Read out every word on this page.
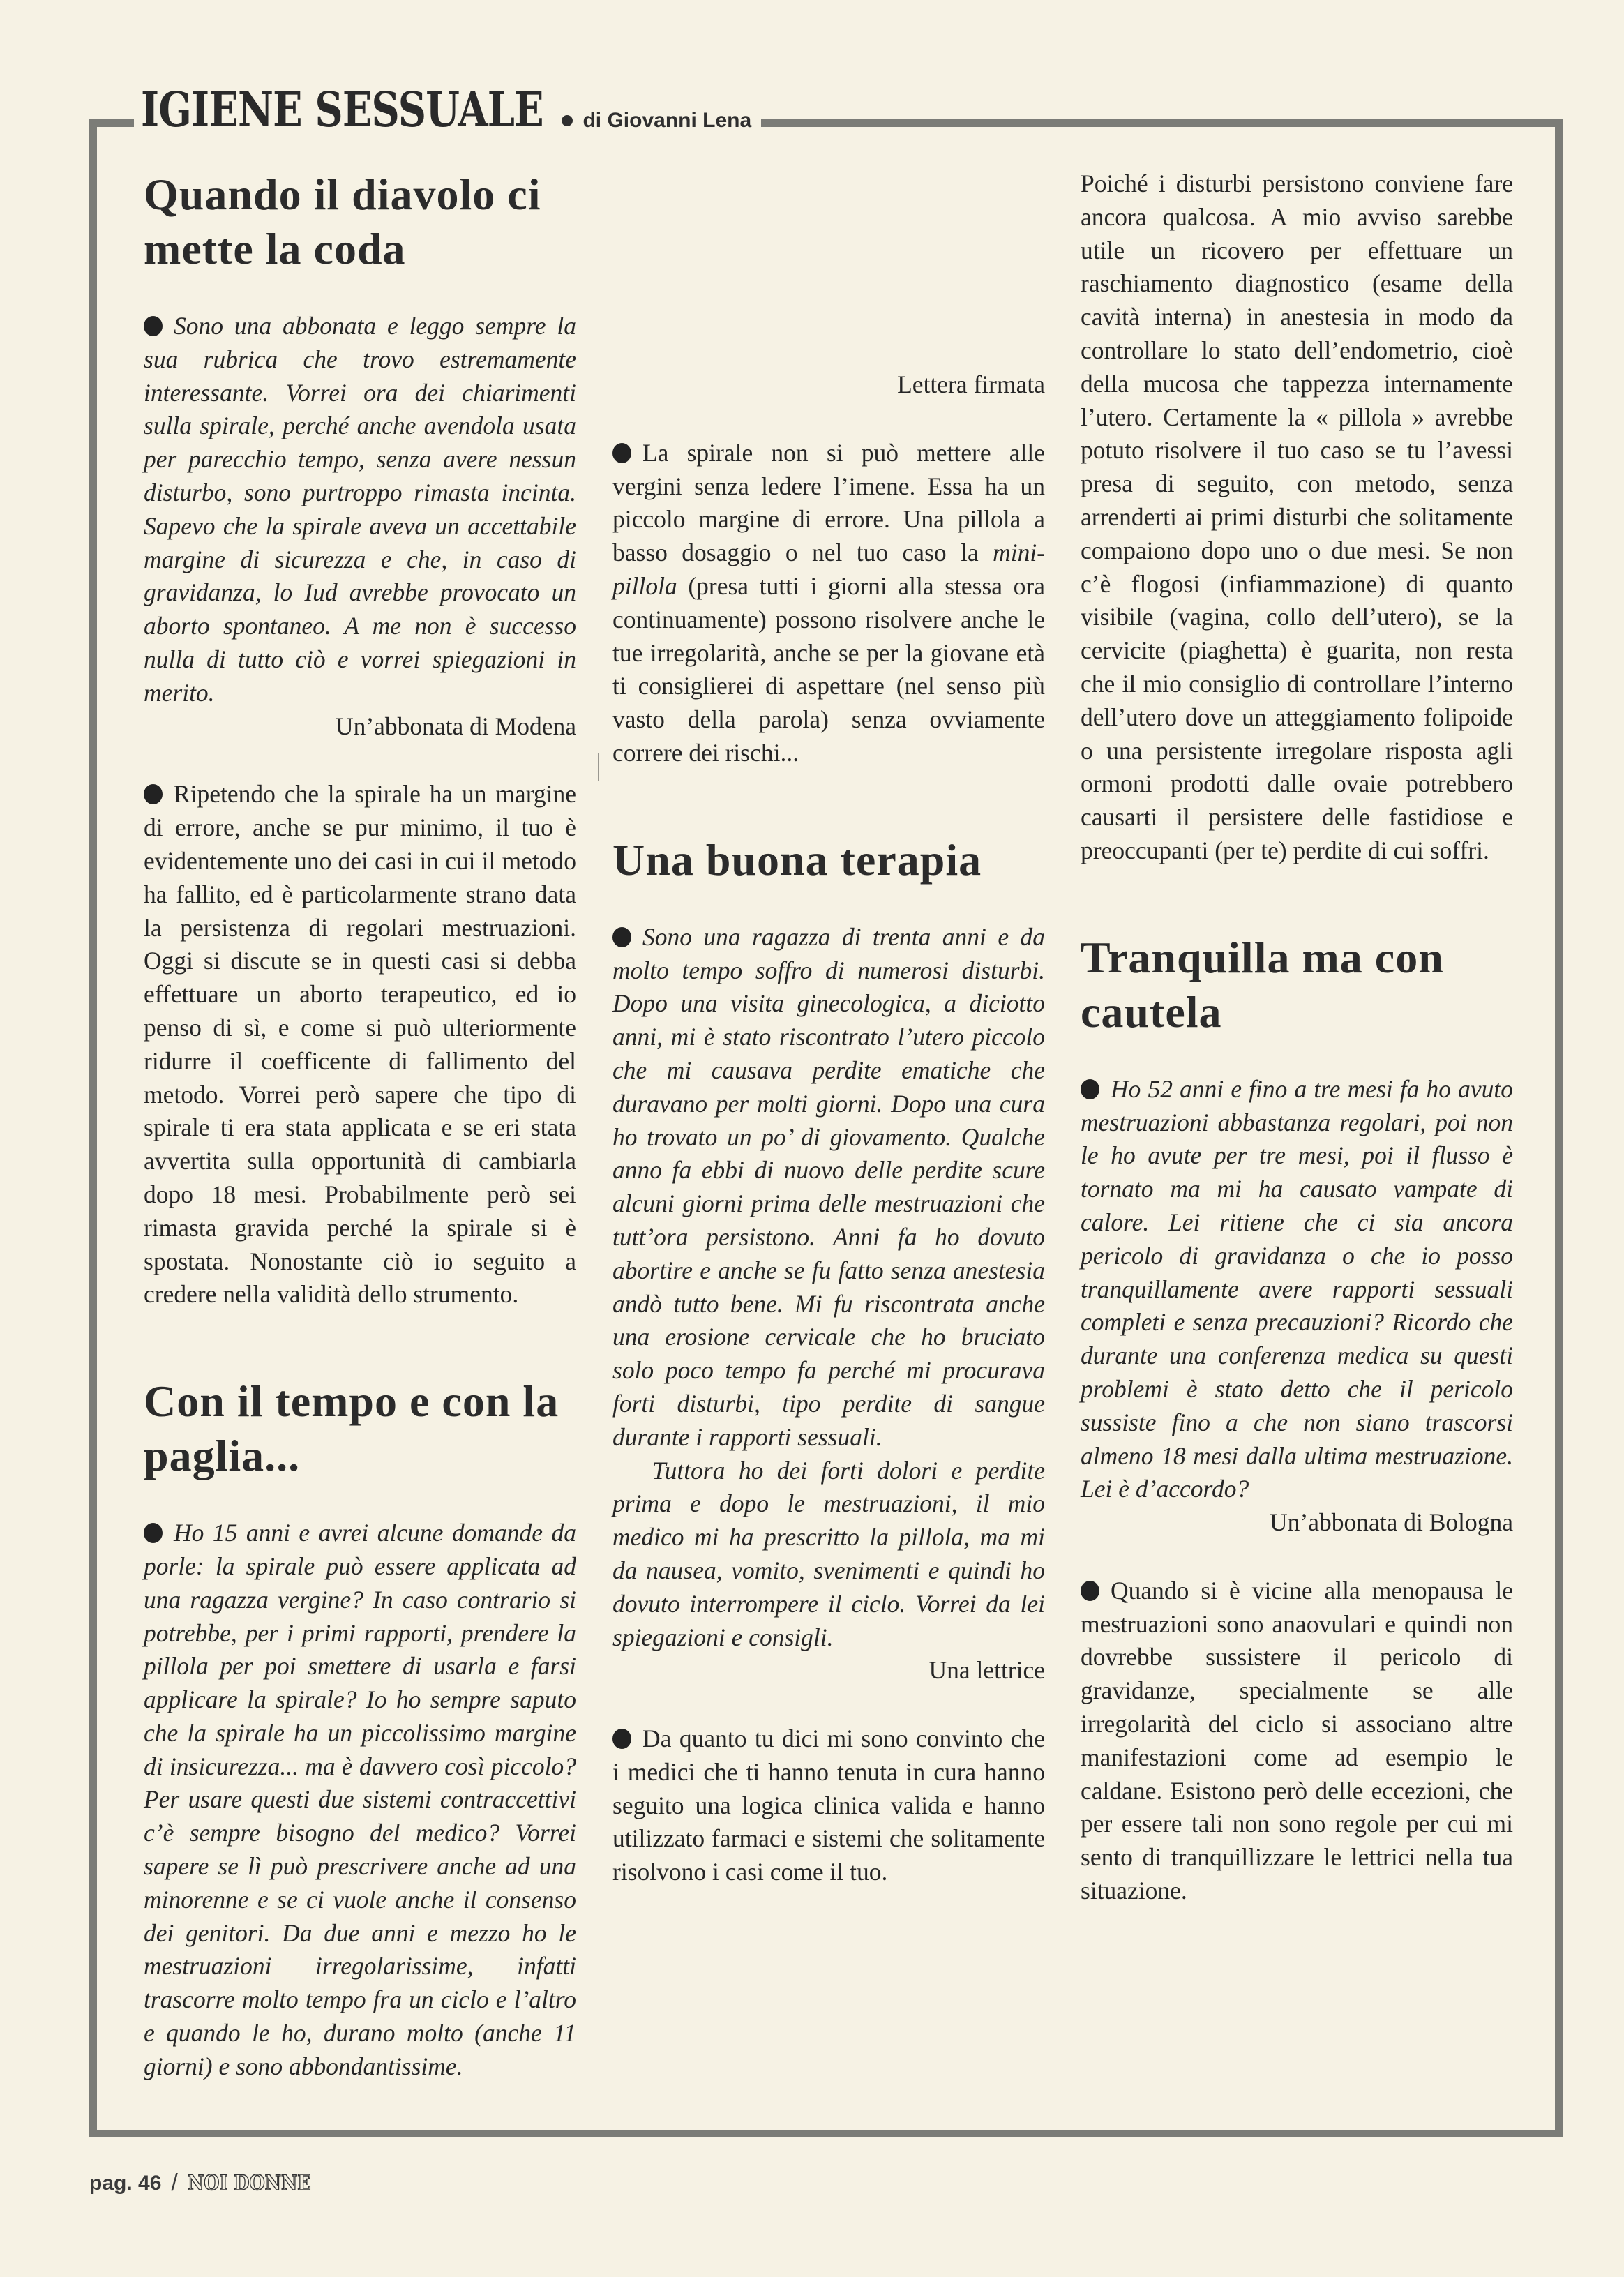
IGIENE SESSUALE di Giovanni Lena
Quando il diavolo ci mette la coda

Sono una abbonata e leggo sempre la sua rubrica che trovo estremamente interessante. Vorrei ora dei chiarimenti sulla spirale, perché anche avendola usata per parecchio tempo, senza avere nessun disturbo, sono purtroppo rimasta incinta. Sapevo che la spirale aveva un accettabile margine di sicurezza e che, in caso di gravidanza, lo Iud avrebbe provocato un aborto spontaneo. A me non è successo nulla di tutto ciò e vorrei spiegazioni in merito.

Un’abbonata di Modena

Ripetendo che la spirale ha un margine di errore, anche se pur minimo, il tuo è evidentemente uno dei casi in cui il metodo ha fallito, ed è particolarmente strano data la persistenza di regolari mestruazioni. Oggi si discute se in questi casi si debba effettuare un aborto terapeutico, ed io penso di sì, e come si può ulteriormente ridurre il coefficente di fallimento del metodo. Vorrei però sapere che tipo di spirale ti era stata applicata e se eri stata avvertita sulla opportunità di cambiarla dopo 18 mesi. Probabilmente però sei rimasta gravida perché la spirale si è spostata. Nonostante ciò io seguito a credere nella validità dello strumento.

Con il tempo e con la paglia...

Ho 15 anni e avrei alcune domande da porle: la spirale può essere applicata ad una ragazza vergine? In caso contrario si potrebbe, per i primi rapporti, prendere la pillola per poi smettere di usarla e farsi applicare la spirale? Io ho sempre saputo che la spirale ha un piccolissimo margine di insicurezza... ma è davvero così piccolo? Per usare questi due sistemi contraccettivi c’è sempre bisogno del medico? Vorrei sapere se lì può prescrivere anche ad una minorenne e se ci vuole anche il consenso dei genitori. Da due anni e mezzo ho le mestruazioni irregolarissime, infatti trascorre molto tempo fra un ciclo e l’altro e quando le ho, durano molto (anche 11 giorni) e sono abbondantissime.

Lettera firmata

La spirale non si può mettere alle vergini senza ledere l’imene. Essa ha un piccolo margine di errore. Una pillola a basso dosaggio o nel tuo caso la mini-pillola (presa tutti i giorni alla stessa ora continuamente) possono risolvere anche le tue irregolarità, anche se per la giovane età ti consiglierei di aspettare (nel senso più vasto della parola) senza ovviamente correre dei rischi...

Una buona terapia

Sono una ragazza di trenta anni e da molto tempo soffro di numerosi disturbi. Dopo una visita ginecologica, a diciotto anni, mi è stato riscontrato l’utero piccolo che mi causava perdite ematiche che duravano per molti giorni. Dopo una cura ho trovato un po’ di giovamento. Qualche anno fa ebbi di nuovo delle perdite scure alcuni giorni prima delle mestruazioni che tutt’ora persistono. Anni fa ho dovuto abortire e anche se fu fatto senza anestesia andò tutto bene. Mi fu riscontrata anche una erosione cervicale che ho bruciato solo poco tempo fa perché mi procurava forti disturbi, tipo perdite di sangue durante i rapporti sessuali.

Tuttora ho dei forti dolori e perdite prima e dopo le mestruazioni, il mio medico mi ha prescritto la pillola, ma mi da nausea, vomito, svenimenti e quindi ho dovuto interrompere il ciclo. Vorrei da lei spiegazioni e consigli.

Una lettrice

Da quanto tu dici mi sono convinto che i medici che ti hanno tenuta in cura hanno seguito una logica clinica valida e hanno utilizzato farmaci e sistemi che solitamente risolvono i casi come il tuo.

Poiché i disturbi persistono conviene fare ancora qualcosa. A mio avviso sarebbe utile un ricovero per effettuare un raschiamento diagnostico (esame della cavità interna) in anestesia in modo da controllare lo stato dell’endometrio, cioè della mucosa che tappezza internamente l’utero. Certamente la « pillola » avrebbe potuto risolvere il tuo caso se tu l’avessi presa di seguito, con metodo, senza arrenderti ai primi disturbi che solitamente compaiono dopo uno o due mesi. Se non c’è flogosi (infiammazione) di quanto visibile (vagina, collo dell’utero), se la cervicite (piaghetta) è guarita, non resta che il mio consiglio di controllare l’interno dell’utero dove un atteggiamento folipoide o una persistente irregolare risposta agli ormoni prodotti dalle ovaie potrebbero causarti il persistere delle fastidiose e preoccupanti (per te) perdite di cui soffri.

Tranquilla ma con cautela

Ho 52 anni e fino a tre mesi fa ho avuto mestruazioni abbastanza regolari, poi non le ho avute per tre mesi, poi il flusso è tornato ma mi ha causato vampate di calore. Lei ritiene che ci sia ancora pericolo di gravidanza o che io posso tranquillamente avere rapporti sessuali completi e senza precauzioni? Ricordo che durante una conferenza medica su questi problemi è stato detto che il pericolo sussiste fino a che non siano trascorsi almeno 18 mesi dalla ultima mestruazione. Lei è d’accordo?

Un’abbonata di Bologna

Quando si è vicine alla menopausa le mestruazioni sono anaovulari e quindi non dovrebbe sussistere il pericolo di gravidanze, specialmente se alle irregolarità del ciclo si associano altre manifestazioni come ad esempio le caldane. Esistono però delle eccezioni, che per essere tali non sono regole per cui mi sento di tranquillizzare le lettrici nella tua situazione.

pag. 46 / NOI DONNE
